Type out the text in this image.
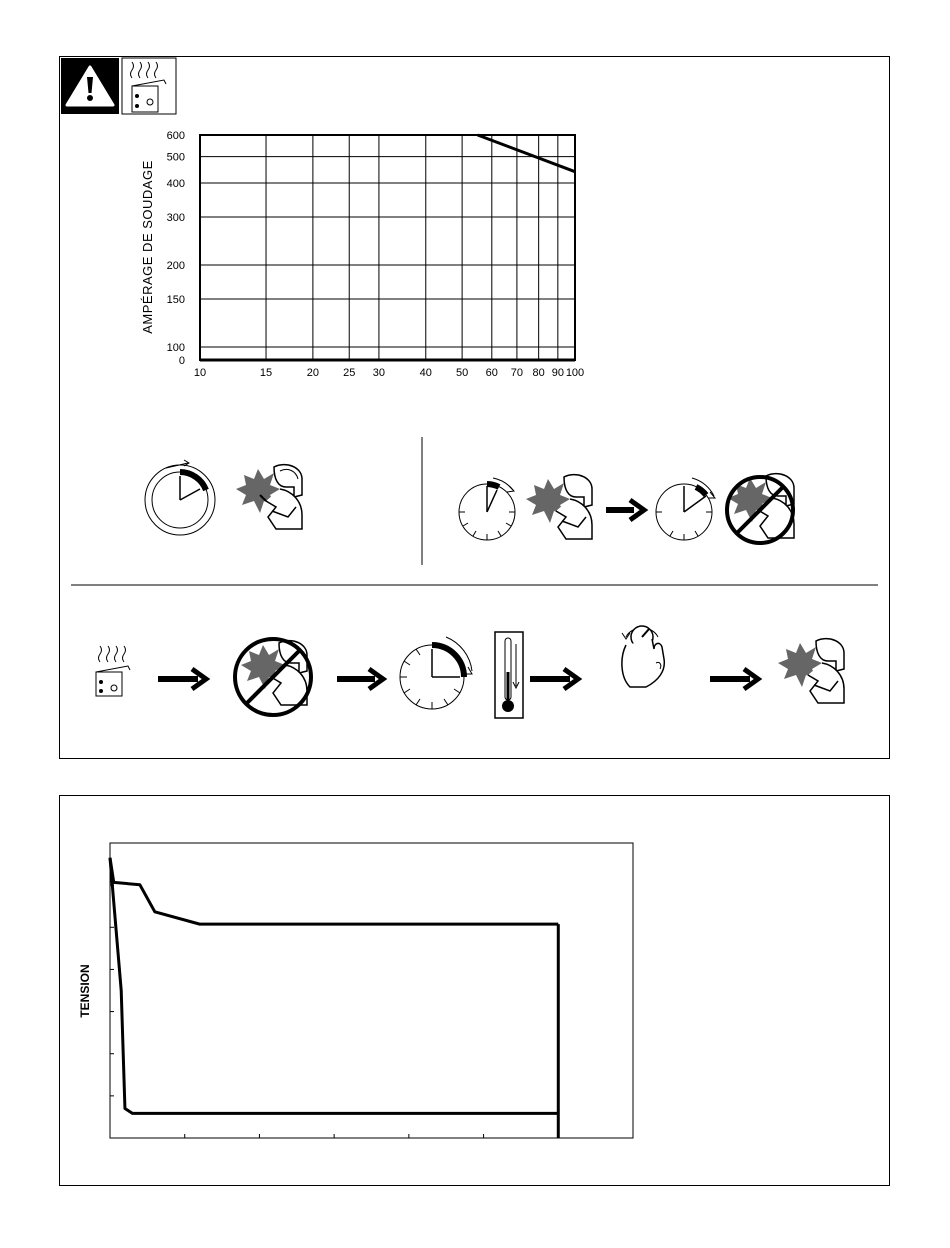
AMPÉRAGE DE SOUDAGE
10	15	20 25 30	40 50 60 70 80 90 100
0
100
150
200
300
400
500
600
TENSION
